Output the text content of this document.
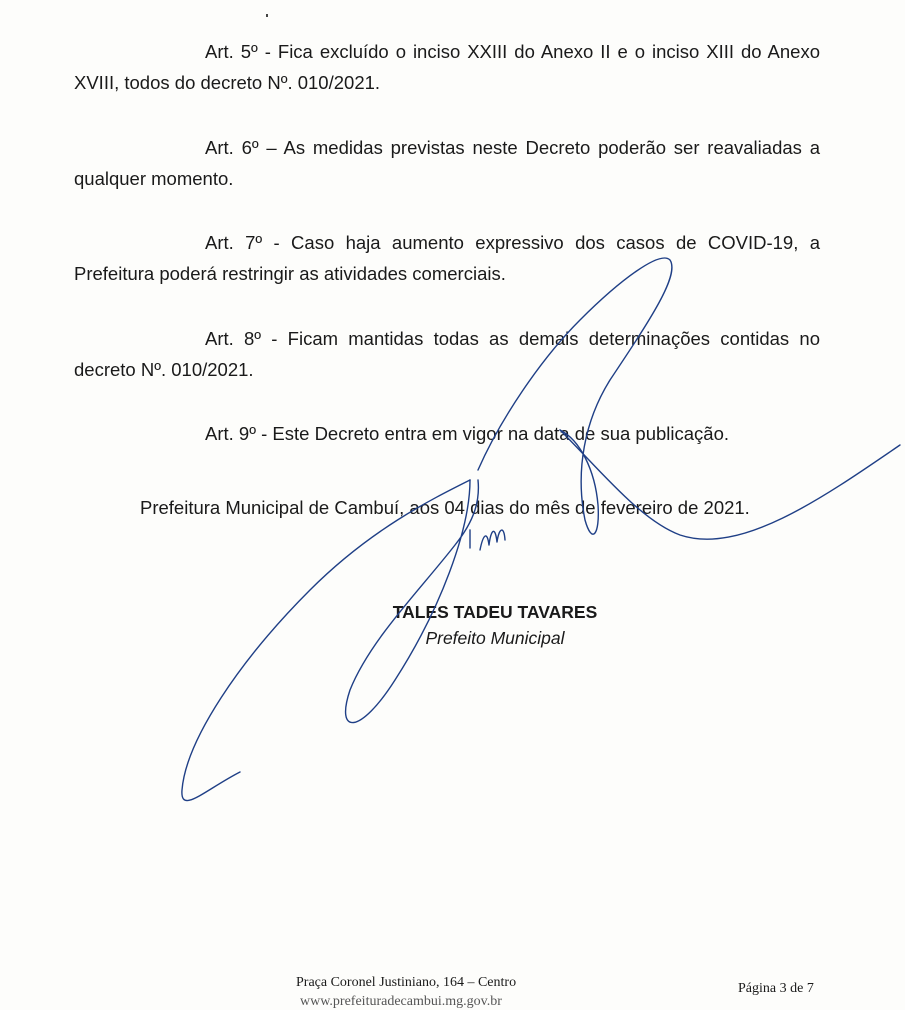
Art. 5º - Fica excluído o inciso XXIII do Anexo II e o inciso XIII do Anexo XVIII, todos do decreto Nº. 010/2021.

Art. 6º – As medidas previstas neste Decreto poderão ser reavaliadas a qualquer momento.

Art. 7º - Caso haja aumento expressivo dos casos de COVID-19, a Prefeitura poderá restringir as atividades comerciais.

Art. 8º - Ficam mantidas todas as demais determinações contidas no decreto Nº. 010/2021.

Art. 9º - Este Decreto entra em vigor na data de sua publicação.

Prefeitura Municipal de Cambuí, aos 04 dias do mês de fevereiro de 2021.
TALES TADEU TAVARES
Prefeito Municipal
Praça Coronel Justiniano, 164 – Centro	Página 3 de 7
www.prefeituradecambui.mg.gov.br
